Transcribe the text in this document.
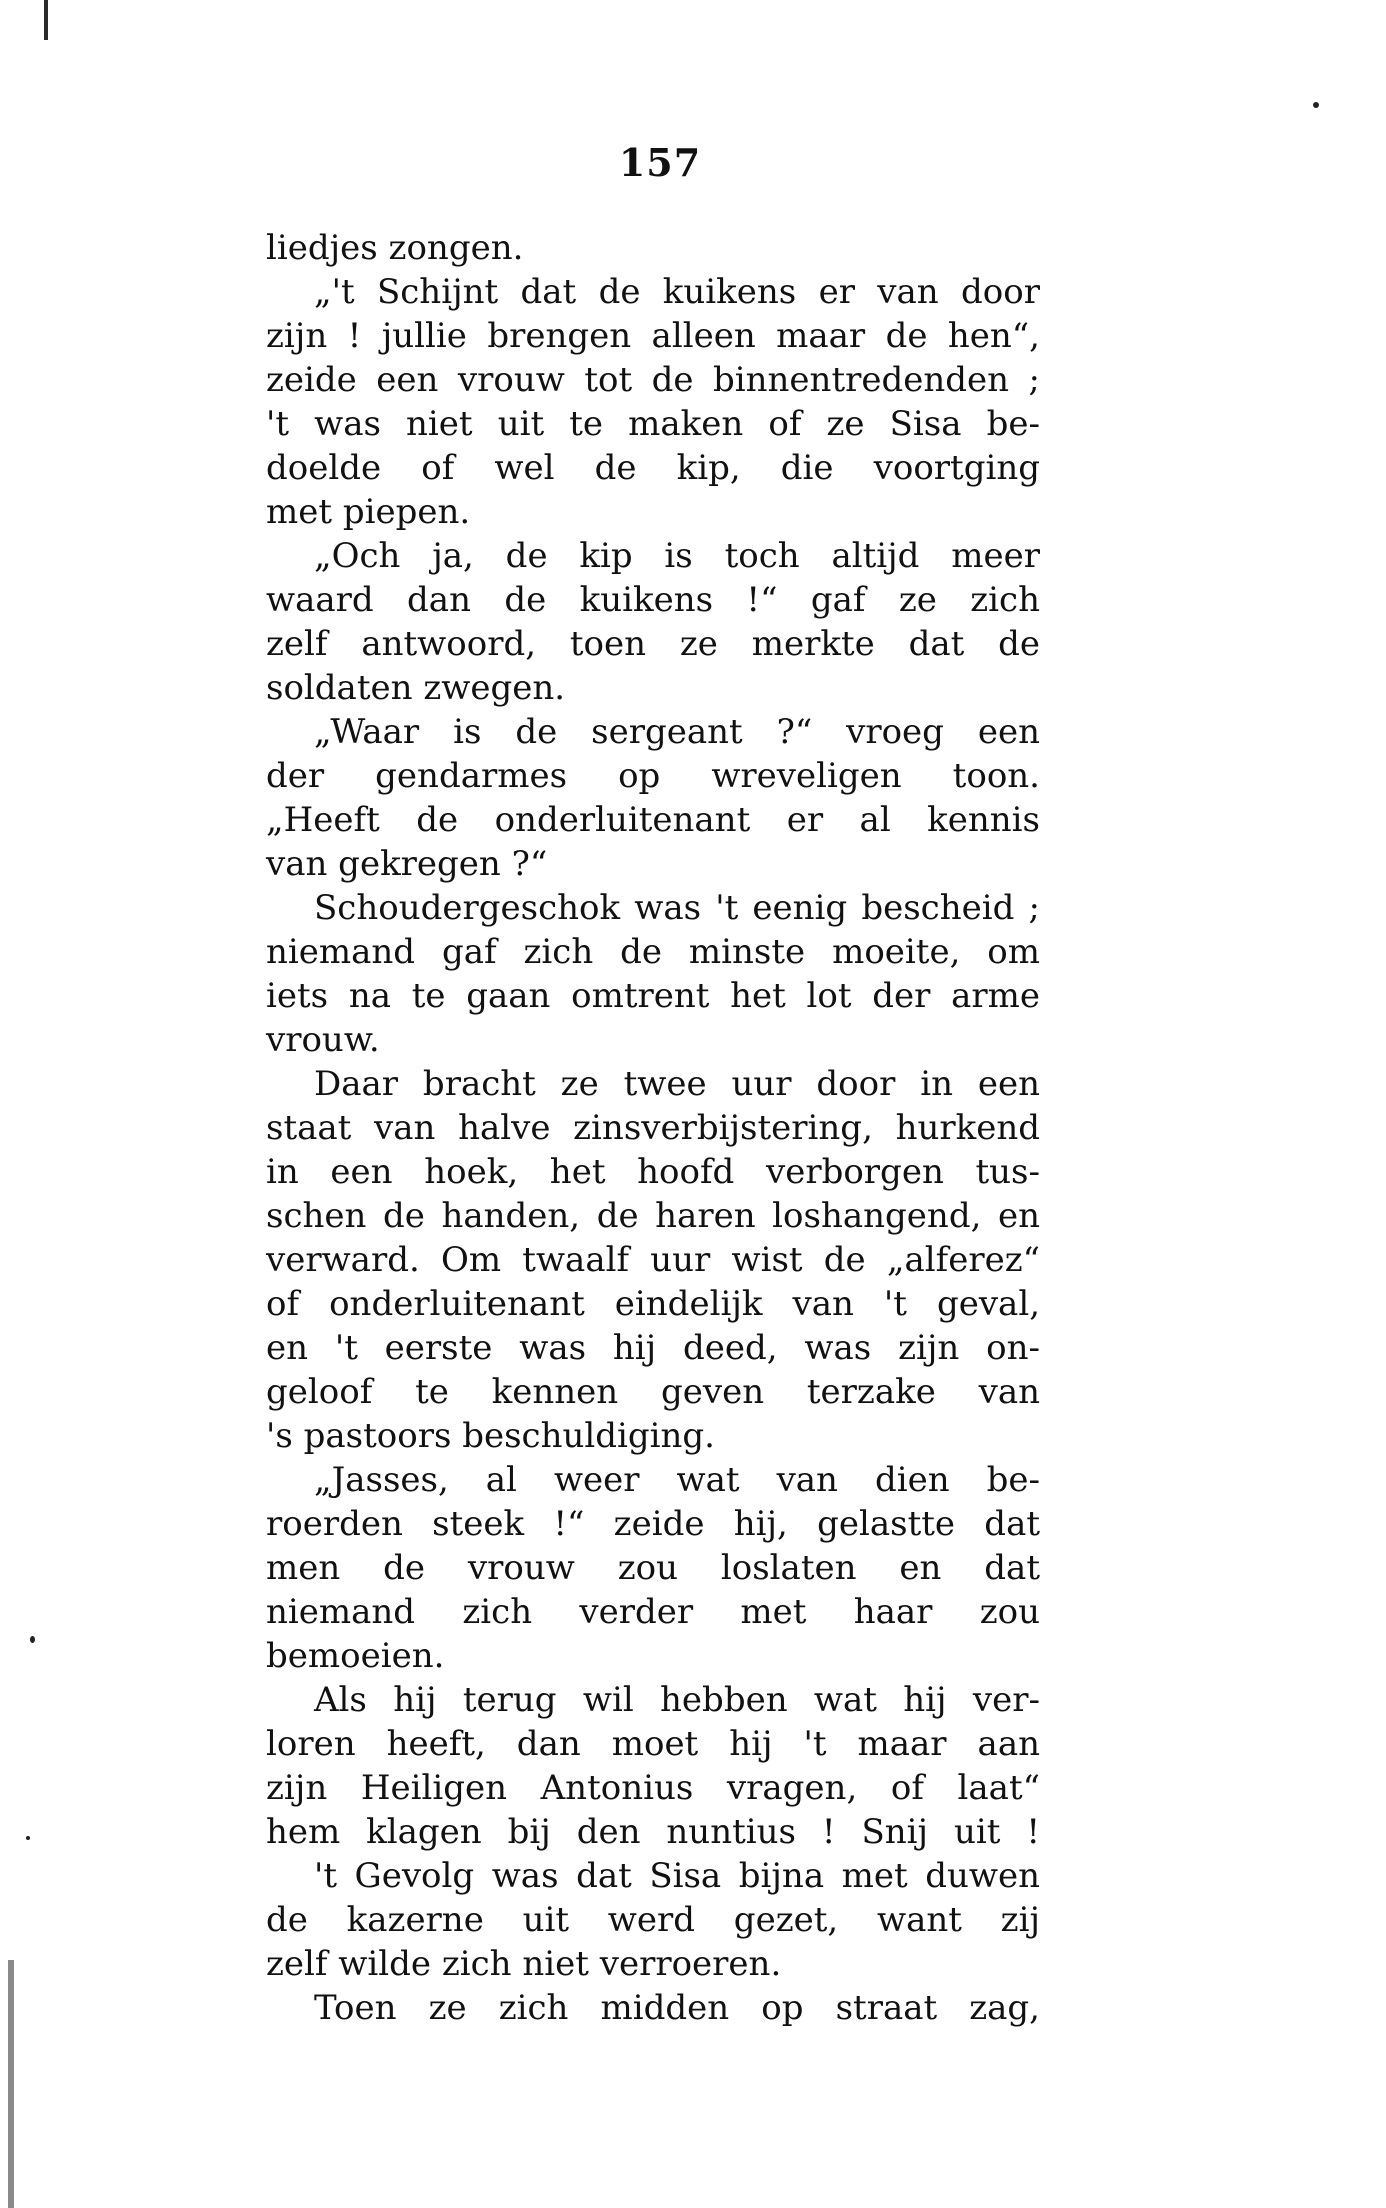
157
liedjes zongen.
„'t Schijnt dat de kuikens er van door
zijn ! jullie brengen alleen maar de hen“,
zeide een vrouw tot de binnentredenden ;
't was niet uit te maken of ze Sisa be-
doelde of wel de kip, die voortging
met piepen.
„Och ja, de kip is toch altijd meer
waard dan de kuikens !“ gaf ze zich
zelf antwoord, toen ze merkte dat de
soldaten zwegen.
„Waar is de sergeant ?“ vroeg een
der gendarmes op wreveligen toon.
„Heeft de onderluitenant er al kennis
van gekregen ?“
Schoudergeschok was 't eenig bescheid ;
niemand gaf zich de minste moeite, om
iets na te gaan omtrent het lot der arme
vrouw.
Daar bracht ze twee uur door in een
staat van halve zinsverbijstering, hurkend
in een hoek, het hoofd verborgen tus-
schen de handen, de haren loshangend, en
verward. Om twaalf uur wist de „alferez“
of onderluitenant eindelijk van 't geval,
en 't eerste was hij deed, was zijn on-
geloof te kennen geven terzake van
's pastoors beschuldiging.
„Jasses, al weer wat van dien be-
roerden steek !“ zeide hij, gelastte dat
men de vrouw zou loslaten en dat
niemand zich verder met haar zou
bemoeien.
Als hij terug wil hebben wat hij ver-
loren heeft, dan moet hij 't maar aan
zijn Heiligen Antonius vragen, of laat“
hem klagen bij den nuntius ! Snij uit !
't Gevolg was dat Sisa bijna met duwen
de kazerne uit werd gezet, want zij
zelf wilde zich niet verroeren.
Toen ze zich midden op straat zag,
